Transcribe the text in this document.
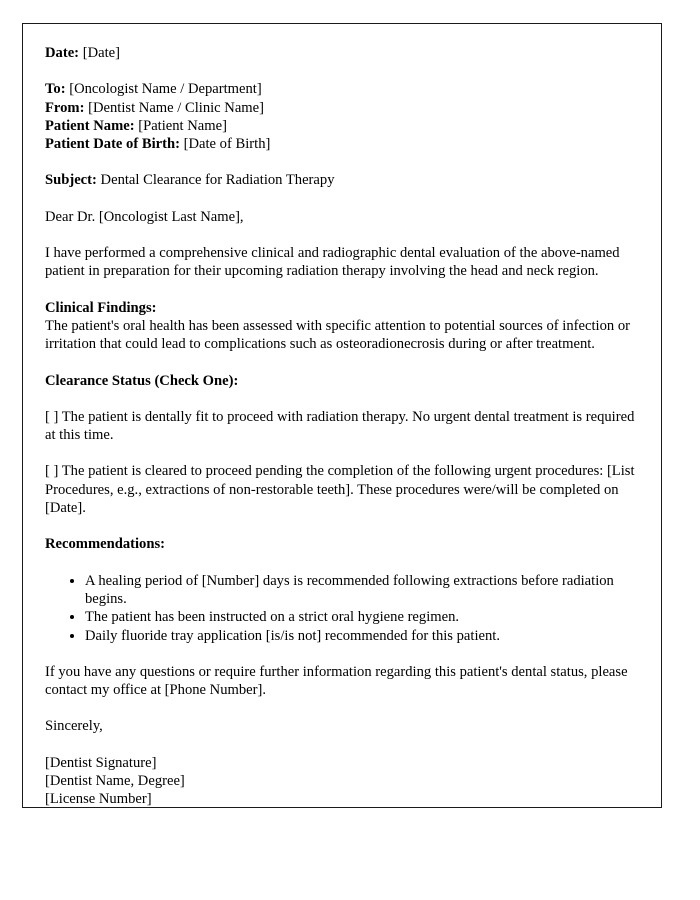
Date: [Date]
To: [Oncologist Name / Department]
From: [Dentist Name / Clinic Name]
Patient Name: [Patient Name]
Patient Date of Birth: [Date of Birth]
Subject: Dental Clearance for Radiation Therapy
Dear Dr. [Oncologist Last Name],
I have performed a comprehensive clinical and radiographic dental evaluation of the above-named patient in preparation for their upcoming radiation therapy involving the head and neck region.
Clinical Findings:
The patient's oral health has been assessed with specific attention to potential sources of infection or irritation that could lead to complications such as osteoradionecrosis during or after treatment.
Clearance Status (Check One):
[ ] The patient is dentally fit to proceed with radiation therapy. No urgent dental treatment is required at this time.
[ ] The patient is cleared to proceed pending the completion of the following urgent procedures: [List Procedures, e.g., extractions of non-restorable teeth]. These procedures were/will be completed on [Date].
Recommendations:
• A healing period of [Number] days is recommended following extractions before radiation begins.
• The patient has been instructed on a strict oral hygiene regimen.
• Daily fluoride tray application [is/is not] recommended for this patient.
If you have any questions or require further information regarding this patient's dental status, please contact my office at [Phone Number].
Sincerely,
[Dentist Signature]
[Dentist Name, Degree]
[License Number]
